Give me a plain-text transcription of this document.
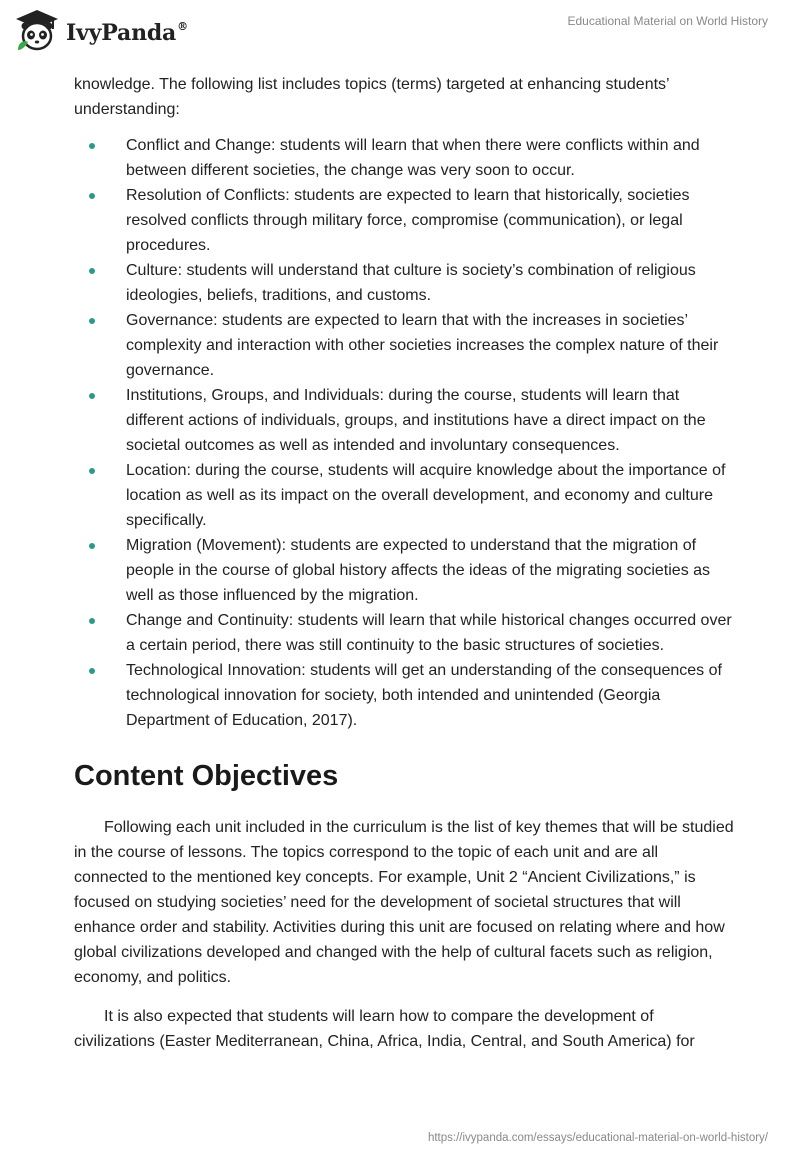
IvyPanda®	Educational Material on World History

knowledge. The following list includes topics (terms) targeted at enhancing students’ understanding:

Conflict and Change: students will learn that when there were conflicts within and between different societies, the change was very soon to occur.
Resolution of Conflicts: students are expected to learn that historically, societies resolved conflicts through military force, compromise (communication), or legal procedures.
Culture: students will understand that culture is society’s combination of religious ideologies, beliefs, traditions, and customs.
Governance: students are expected to learn that with the increases in societies’ complexity and interaction with other societies increases the complex nature of their governance.
Institutions, Groups, and Individuals: during the course, students will learn that different actions of individuals, groups, and institutions have a direct impact on the societal outcomes as well as intended and involuntary consequences.
Location: during the course, students will acquire knowledge about the importance of location as well as its impact on the overall development, and economy and culture specifically.
Migration (Movement): students are expected to understand that the migration of people in the course of global history affects the ideas of the migrating societies as well as those influenced by the migration.
Change and Continuity: students will learn that while historical changes occurred over a certain period, there was still continuity to the basic structures of societies.
Technological Innovation: students will get an understanding of the consequences of technological innovation for society, both intended and unintended (Georgia Department of Education, 2017).
Content Objectives

Following each unit included in the curriculum is the list of key themes that will be studied in the course of lessons. The topics correspond to the topic of each unit and are all connected to the mentioned key concepts. For example, Unit 2 “Ancient Civilizations,” is focused on studying societies’ need for the development of societal structures that will enhance order and stability. Activities during this unit are focused on relating where and how global civilizations developed and changed with the help of cultural facets such as religion, economy, and politics.

It is also expected that students will learn how to compare the development of civilizations (Easter Mediterranean, China, Africa, India, Central, and South America) for

https://ivypanda.com/essays/educational-material-on-world-history/
